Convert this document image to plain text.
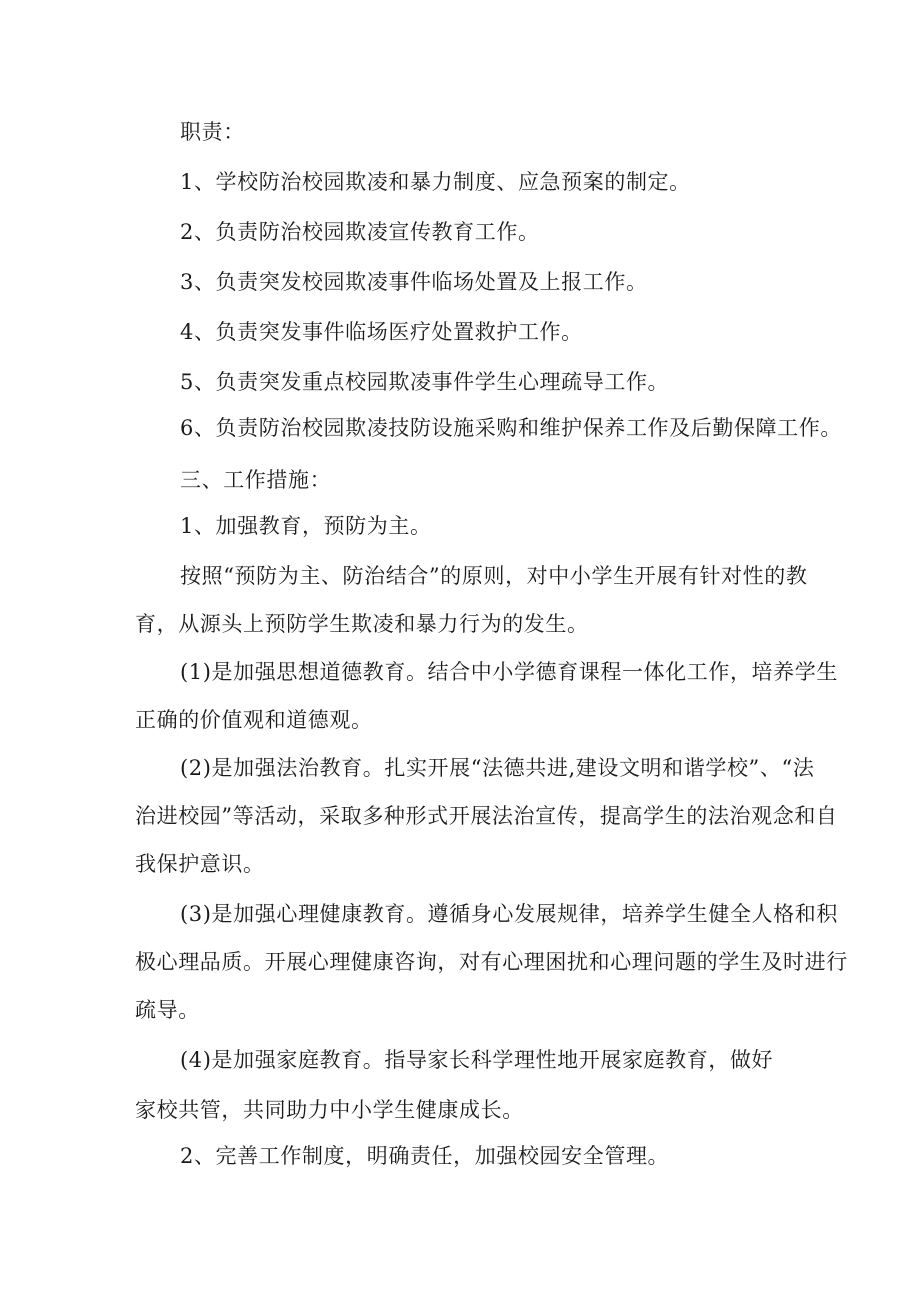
职责：
1、学校防治校园欺凌和暴力制度、应急预案的制定。
2、负责防治校园欺凌宣传教育工作。
3、负责突发校园欺凌事件临场处置及上报工作。
4、负责突发事件临场医疗处置救护工作。
5、负责突发重点校园欺凌事件学生心理疏导工作。
6、负责防治校园欺凌技防设施采购和维护保养工作及后勤保障工作。
三、工作措施：
1、加强教育，预防为主。
按照“预防为主、防治结合”的原则，对中小学生开展有针对性的教
育，从源头上预防学生欺凌和暴力行为的发生。
(1)是加强思想道德教育。结合中小学德育课程一体化工作，培养学生
正确的价值观和道德观。
(2)是加强法治教育。扎实开展“法德共进,建设文明和谐学校”、“法
治进校园”等活动，采取多种形式开展法治宣传，提高学生的法治观念和自
我保护意识。
(3)是加强心理健康教育。遵循身心发展规律，培养学生健全人格和积
极心理品质。开展心理健康咨询，对有心理困扰和心理问题的学生及时进行
疏导。
(4)是加强家庭教育。指导家长科学理性地开展家庭教育，做好
家校共管，共同助力中小学生健康成长。
2、完善工作制度，明确责任，加强校园安全管理。
